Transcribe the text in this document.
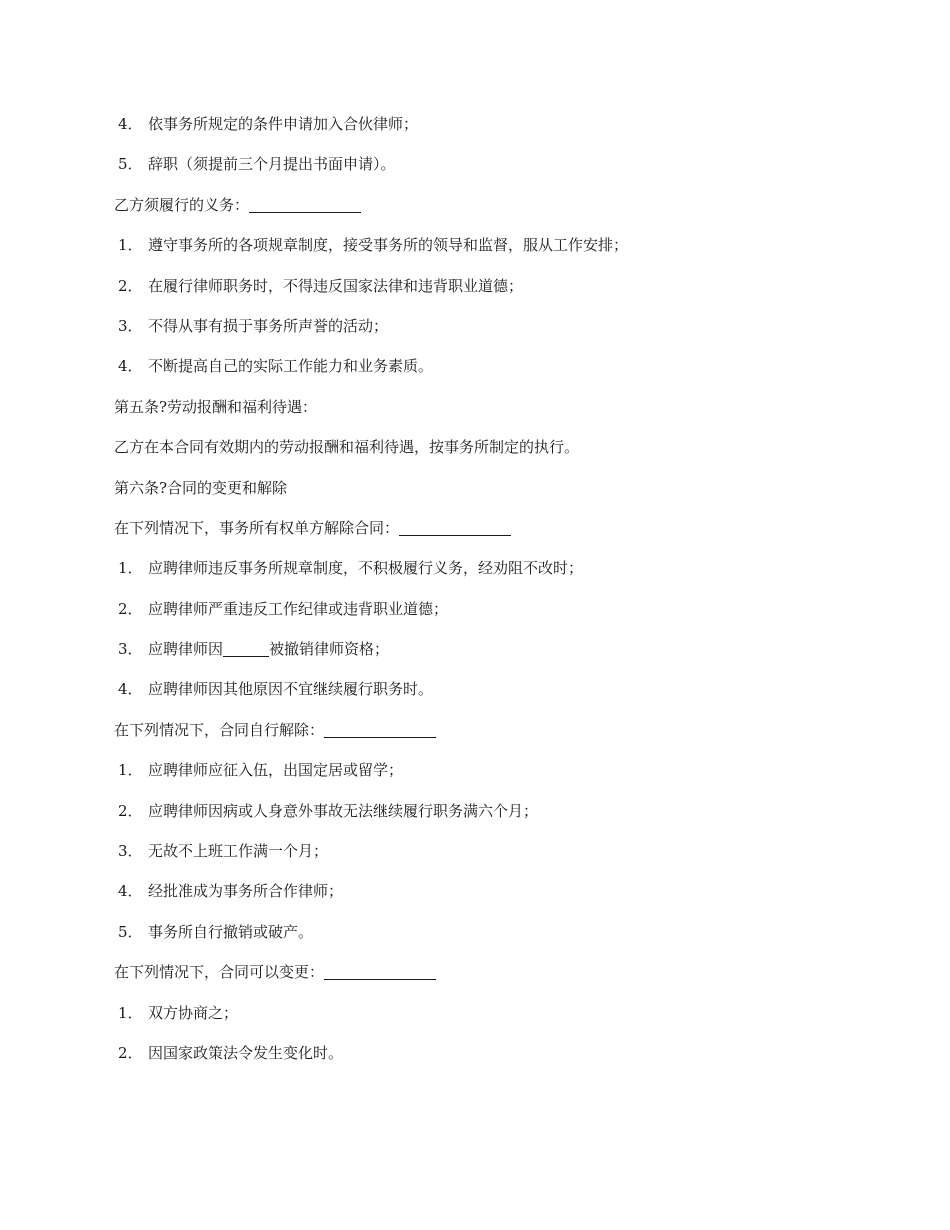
4． 依事务所规定的条件申请加入合伙律师；
5． 辞职（须提前三个月提出书面申请）。
乙方须履行的义务：
1． 遵守事务所的各项规章制度，接受事务所的领导和监督，服从工作安排；
2． 在履行律师职务时，不得违反国家法律和违背职业道德；
3． 不得从事有损于事务所声誉的活动；
4． 不断提高自己的实际工作能力和业务素质。
第五条?劳动报酬和福利待遇：
乙方在本合同有效期内的劳动报酬和福利待遇，按事务所制定的执行。
第六条?合同的变更和解除
在下列情况下，事务所有权单方解除合同：
1． 应聘律师违反事务所规章制度，不积极履行义务，经劝阻不改时；
2． 应聘律师严重违反工作纪律或违背职业道德；
3． 应聘律师因	被撤销律师资格；
4． 应聘律师因其他原因不宜继续履行职务时。
在下列情况下，合同自行解除：
1． 应聘律师应征入伍，出国定居或留学；
2． 应聘律师因病或人身意外事故无法继续履行职务满六个月；
3． 无故不上班工作满一个月；
4． 经批准成为事务所合作律师；
5． 事务所自行撤销或破产。
在下列情况下，合同可以变更：
1． 双方协商之；
2． 因国家政策法令发生变化时。
